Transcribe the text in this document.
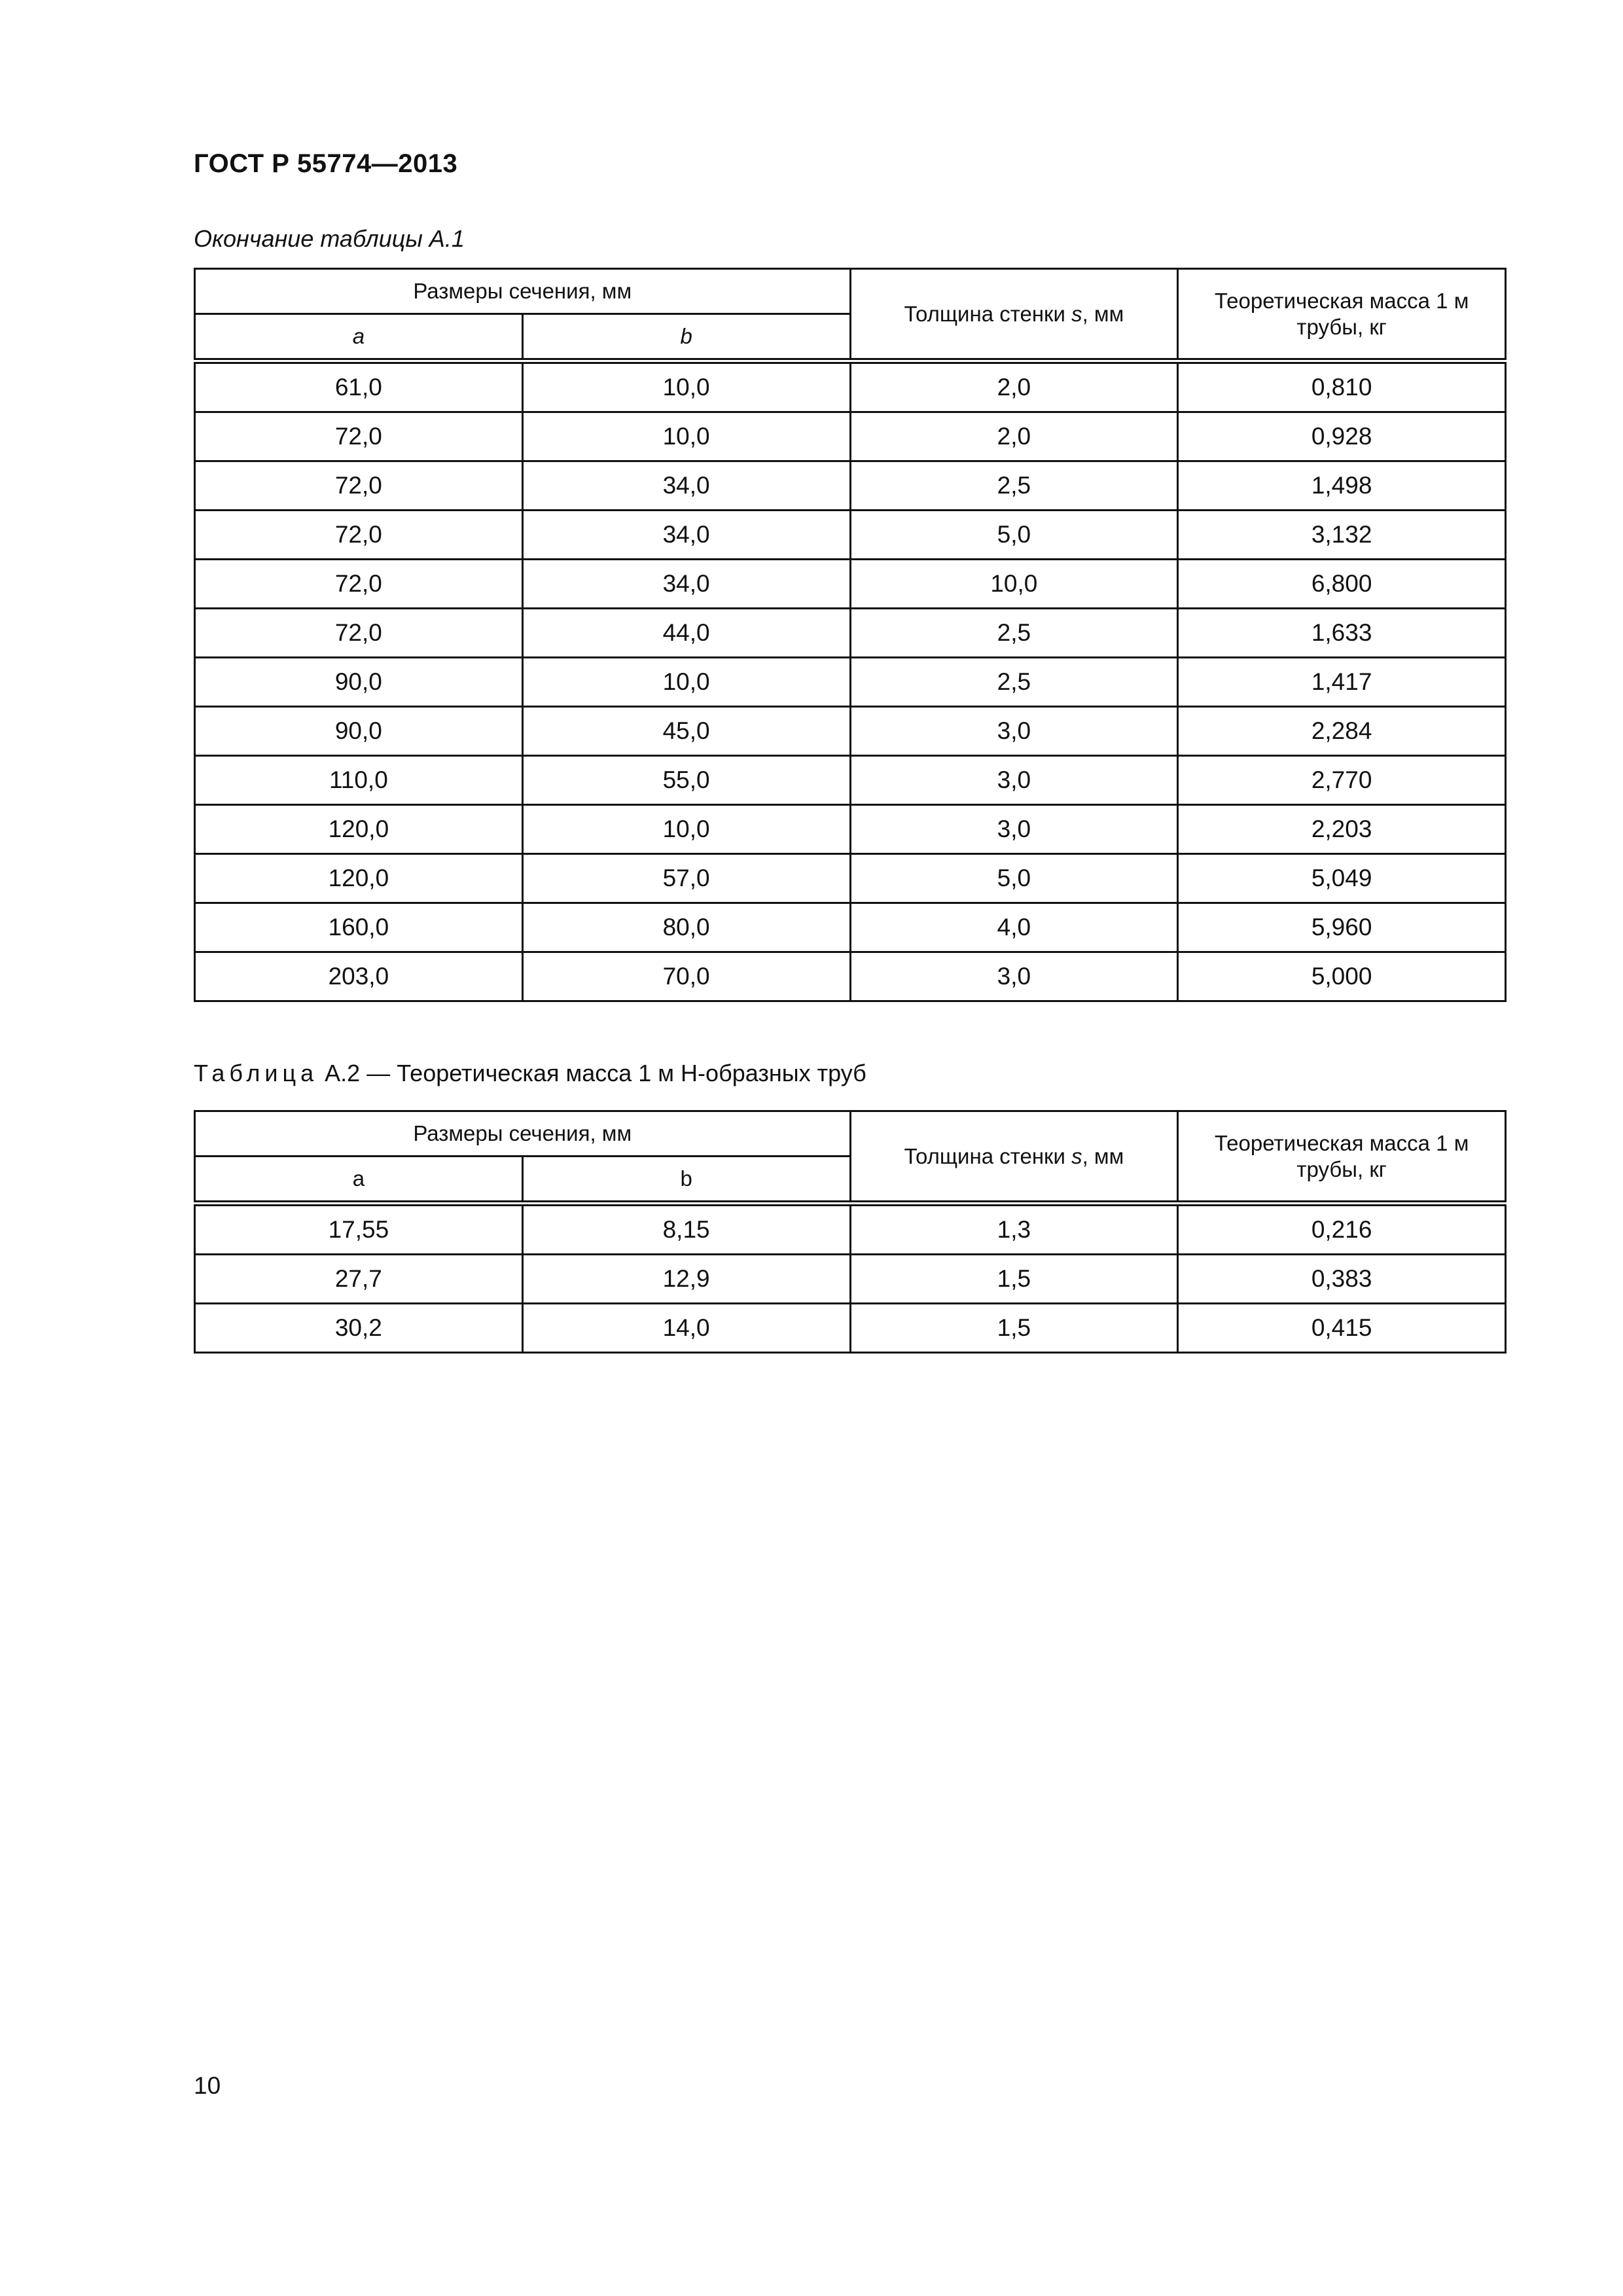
ГОСТ Р 55774—2013
Окончание таблицы А.1
Размеры сечения, мм		Толщина стенки s, мм	Теоретическая масса 1 м трубы, кг
a	b		
61,0	10,0	2,0	0,810
72,0	10,0	2,0	0,928
72,0	34,0	2,5	1,498
72,0	34,0	5,0	3,132
72,0	34,0	10,0	6,800
72,0	44,0	2,5	1,633
90,0	10,0	2,5	1,417
90,0	45,0	3,0	2,284
110,0	55,0	3,0	2,770
120,0	10,0	3,0	2,203
120,0	57,0	5,0	5,049
160,0	80,0	4,0	5,960
203,0	70,0	3,0	5,000
Таблица А.2 — Теоретическая масса 1 м Н-образных труб
Размеры сечения, мм		Толщина стенки s, мм	Теоретическая масса 1 м трубы, кг
a	b		
17,55	8,15	1,3	0,216
27,7	12,9	1,5	0,383
30,2	14,0	1,5	0,415
10
